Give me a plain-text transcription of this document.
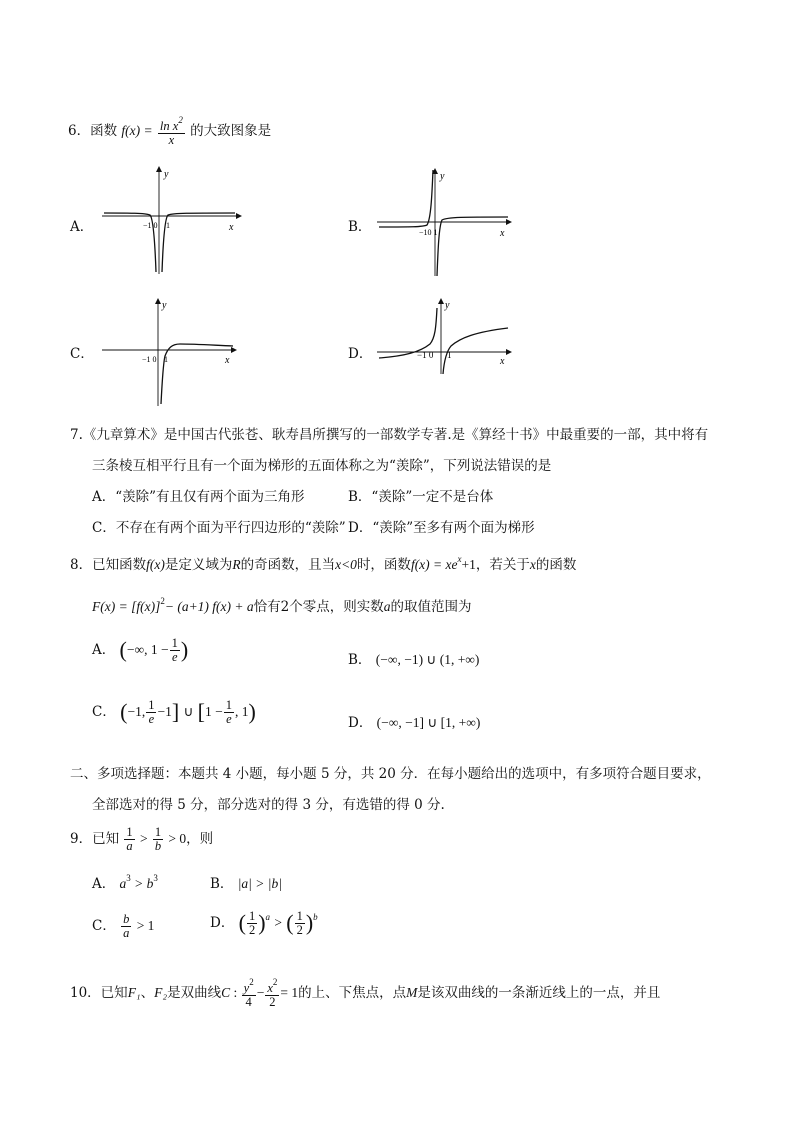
6．函数 $f(x) = \frac{\ln x^2}{x}$ 的大致图象是
A．
y
x
−1 0 1	B．
y
x
−10 1
C．
y
x
−1 0 1	D．
y
x
−1 0 1
7.《九章算术》是中国古代张苍、耿寿昌所撰写的一部数学专著.是《算经十书》中最重要的一部，其中将有
三条棱互相平行且有一个面为梯形的五面体称之为“羡除”，下列说法错误的是
A．“羡除”有且仅有两个面为三角形	B．“羡除”一定不是台体
C．不存在有两个面为平行四边形的“羡除” D．“羡除”至多有两个面为梯形
8．已知函数f(x)是定义域为R的奇函数，且当x<0时，函数$f(x) = xe^x+1$，若关于x的函数
$F(x) = [f(x)]^2- (a+1) f(x) + a$恰有2个零点，则实数a的取值范围为
A． (−∞, $1 - \frac{1}{e}$ )	B． (−∞, −1) ∪ (1, +∞)
C． (−1, $\frac{1}{e} -1$] ∪ [$1 - \frac{1}{e}$ , 1)	D． (−∞, −1] ∪ [1, +∞)
二、多项选择题：本题共 4 小题，每小题 5 分，共 20 分．在每小题给出的选项中，有多项符合题目要求，
全部选对的得 5 分，部分选对的得 3 分，有选错的得 0 分.
9．已知 $\frac{1}{a} > \frac{1}{b} > 0$，则
A． $a^3 > b^3$	B． |a| > |b|
C． $\frac{b}{a} > 1$	D． ( $\frac{1}{2} )^a$ > ( $\frac{1}{2} )^b$
10．已知F₁、F₂是双曲线C : $\frac{y^2}{4} - \frac{x^2}{2} = 1$的上、下焦点，点M是该双曲线的一条渐近线上的一点，并且
